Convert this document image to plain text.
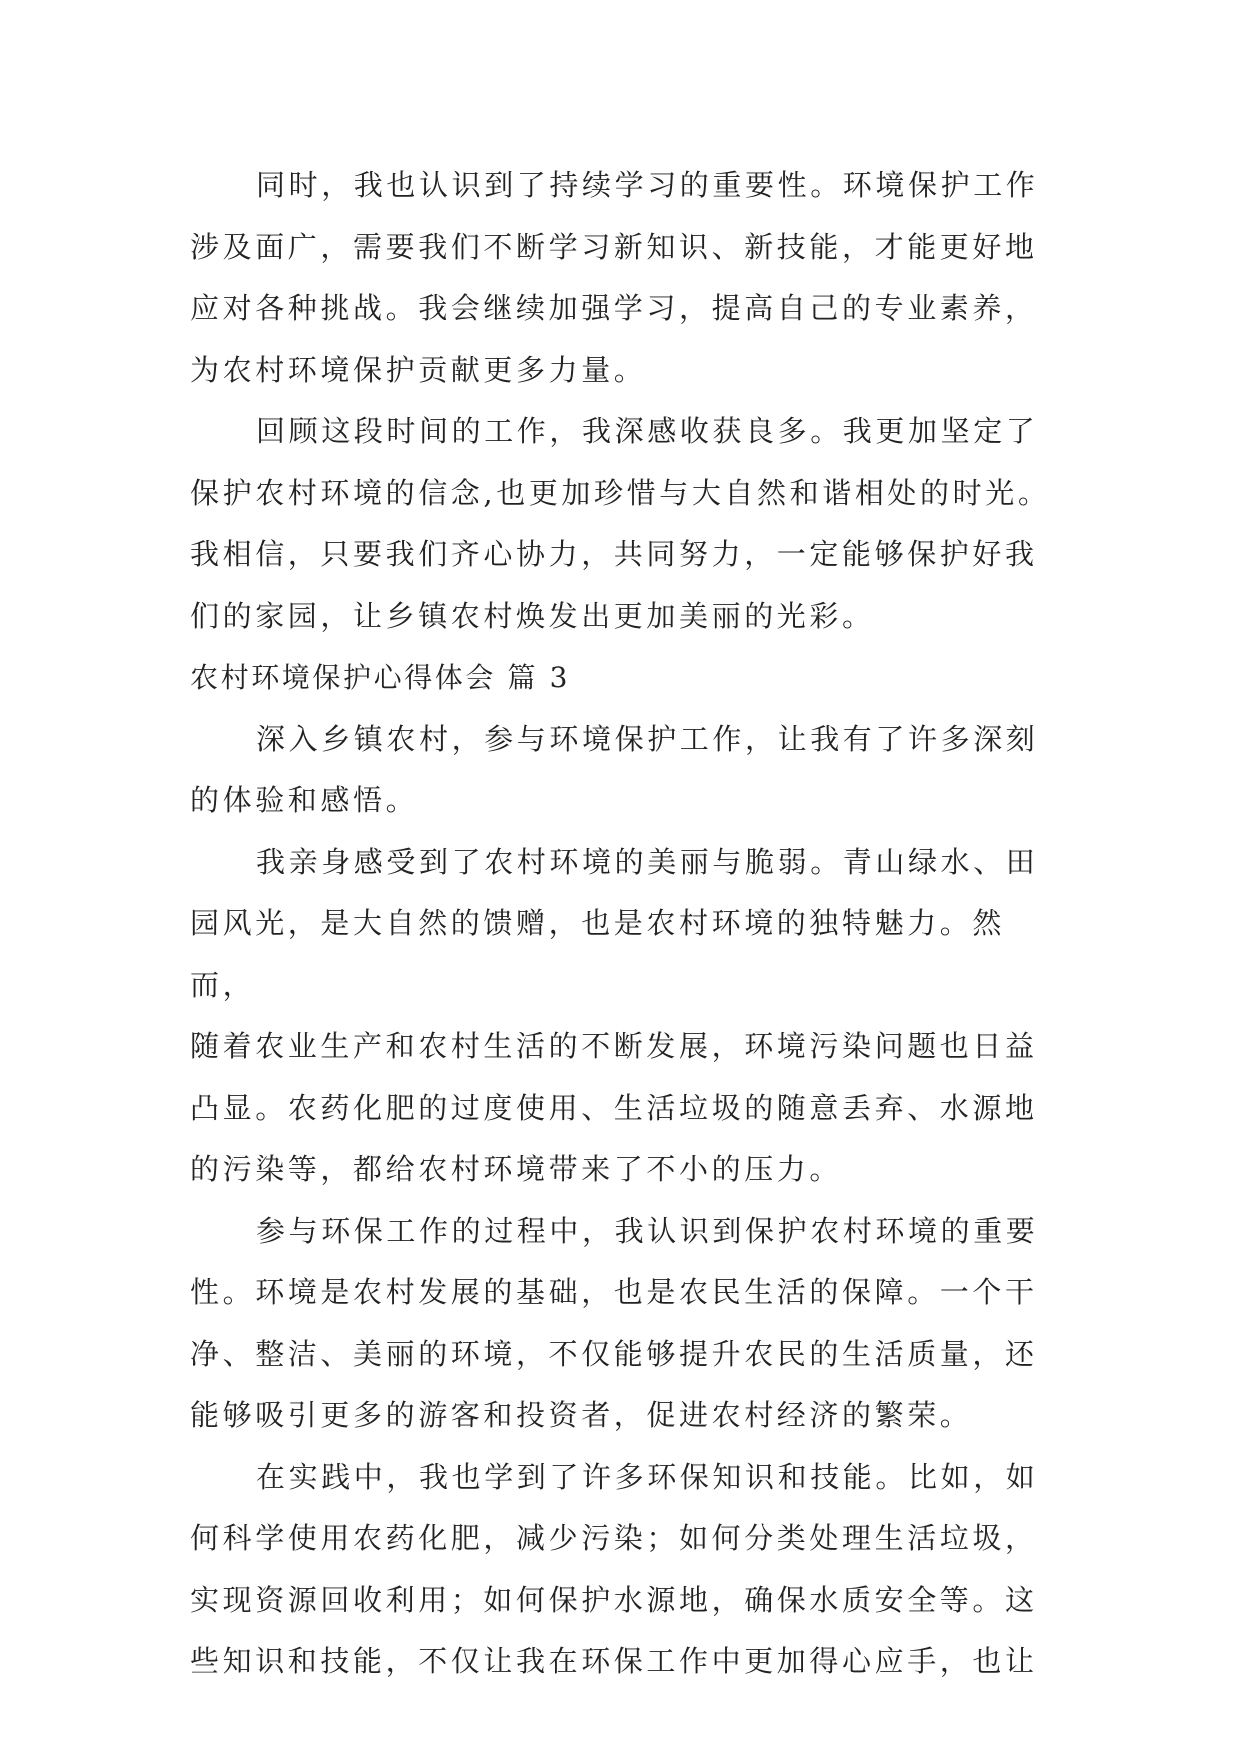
同时，我也认识到了持续学习的重要性。环境保护工作
涉及面广，需要我们不断学习新知识、新技能，才能更好地
应对各种挑战。我会继续加强学习，提高自己的专业素养，
为农村环境保护贡献更多力量。

回顾这段时间的工作，我深感收获良多。我更加坚定了
保护农村环境的信念,也更加珍惜与大自然和谐相处的时光。
我相信，只要我们齐心协力，共同努力，一定能够保护好我
们的家园，让乡镇农村焕发出更加美丽的光彩。

农村环境保护心得体会 篇 3

深入乡镇农村，参与环境保护工作，让我有了许多深刻
的体验和感悟。

我亲身感受到了农村环境的美丽与脆弱。青山绿水、田
园风光，是大自然的馈赠，也是农村环境的独特魅力。然而，
随着农业生产和农村生活的不断发展，环境污染问题也日益
凸显。农药化肥的过度使用、生活垃圾的随意丢弃、水源地
的污染等，都给农村环境带来了不小的压力。

参与环保工作的过程中，我认识到保护农村环境的重要
性。环境是农村发展的基础，也是农民生活的保障。一个干
净、整洁、美丽的环境，不仅能够提升农民的生活质量，还
能够吸引更多的游客和投资者，促进农村经济的繁荣。

在实践中，我也学到了许多环保知识和技能。比如，如
何科学使用农药化肥，减少污染；如何分类处理生活垃圾，
实现资源回收利用；如何保护水源地，确保水质安全等。这
些知识和技能，不仅让我在环保工作中更加得心应手，也让
